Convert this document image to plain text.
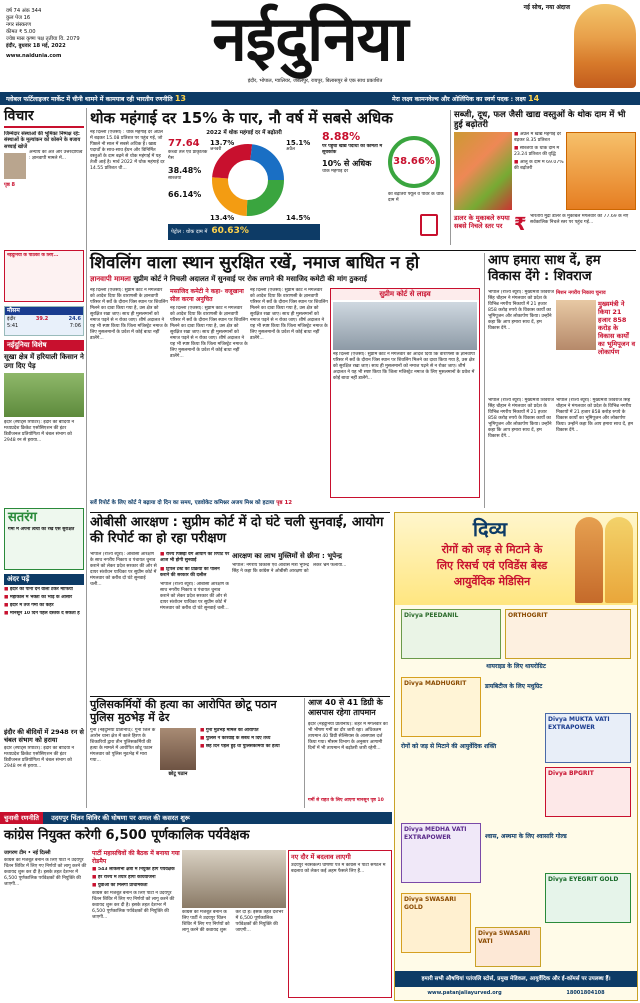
वर्ष 74 अंक 344
कुल पेज 16
नगर संस्करण
कीमत ₹ 5.00
ज्येष्ठ मास कृष्ण पक्ष तृतीया वि. 2079
इंदौर, बुधवार 18 मई, 2022
www.naidunia.com	नईदुनिया	नई सोच, नया अंदाज
इंदौर, भोपाल, ग्वालियर, जबलपुर, रायपुर, बिलासपुर से एक साथ प्रकाशित
ग्लोबल फर्टिलाइजर मार्केट में चीनी थामने में कामयाब रही भारतीय रणनीति 13	मेरा लक्ष्य कामनवेल्थ और ओलिंपिक का स्वर्ण पदक : लक्ष्य 14
विचार
जिम्मेदार संस्थाओं की भूमिका निष्पक्ष रहे: संस्थाओं के मूल्यांकन को कोसने के बजाय सच्चाई खोजें
अन्याय का अंत और उत्तरदायित्व : ज्ञानवापी मामले में...
पृष्ठ 8
नईदुनिया के पाठकों के लिए...
मौसम
इंदौर	39.2	24.6
5:41	7:06
नईदुनिया विशेष
सूखा क्षेत्र में हरियाली किसान ने उगा दिए पेड़
इंदौर (स्पोर्ट्स रिपोर्टर): इंदौर की बीदियों ने मध्यप्रदेश क्रिकेट एसोसिएशन की इंटर डिवीजनल प्रतियोगिता में चंबल संभाग को 2948 रन से हराया...
सतरंग
गर्मी में अपनी त्वचा को रखें ऐसे सुरक्षित
अंदर पढ़ें
■ इंदौर को पानी देने वाला टैंकर माफिया
■ महाकाल में भक्तों की भीड़ के आसार
■ इंदौर में तेज गर्मी का कहर
■ मानसून 10 दिन पहले दस्तक दे सकता है
इंदौर की बीदियों में 2948 रन से चंबल संभाग को हराया
इंदौर (स्पोर्ट्स रिपोर्टर): इंदौर की बीदियों ने मध्यप्रदेश क्रिकेट एसोसिएशन की इंटर डिवीजनल प्रतियोगिता में चंबल संभाग को 2948 रन से हराया...
थोक महंगाई दर 15% के पार, नौ वर्ष में सबसे अधिक
नई दिल्ली (एजेंसी) : थोक महंगाई दर अप्रैल में बढ़कर 15.08 प्रतिशत पर पहुंच गई, जो पिछले नौ साल में सबसे अधिक है। खाद्य पदार्थों के साथ-साथ ईंधन और विनिर्मित वस्तुओं के दाम बढ़ने से थोक महंगाई में यह तेजी आई है। मार्च 2022 में थोक महंगाई दर 14.55 प्रतिशत थी...
2022 में थोक महंगाई दर में बढ़ोतरी
77.64
कच्चा तेल एवं प्राकृतिक गैस
38.48%
सब्जियां
66.14%
13.7%
जनवरी
15.1%
अप्रैल
13.4%	14.5%
पेट्रोल : थोक दाम में 60.63%
8.88%
पर पहुंचा खाद्य पदार्थों की कीमतों में सूचकांक
10% से अधिक
थोक महंगाई दर
38.66%
की बढ़ोतरी फ्यूल व पावर के थोक दाम में
सब्जी, दूध, फल जैसी खाद्य वस्तुओं के थोक दाम में भी हुई बढ़ोतरी
■ अप्रैल में खाद्य महंगाई दर बढ़कर 8.35 प्रतिशत
■ सब्जियों के थोक दाम में 23.24 प्रतिशत की वृद्धि
■ आलू के दाम में 69.07% की बढ़ोतरी
डालर के मुकाबले रुपया सबसे निचले स्तर पर ₹ भारतीय मुद्रा डालर के मुकाबले मंगलवार को 77.69 के नए सर्वकालिक निचले स्तर पर पहुंच गई...
शिवलिंग वाला स्थान सुरक्षित रखें, नमाज बाधित न हो
ज्ञानवापी मामला सुप्रीम कोर्ट ने निचली अदालत में सुनवाई पर रोक लगाने की मसाजिद कमेटी की मांग ठुकराई
नई दिल्ली (एजेंसी): सुप्रीम कोर्ट ने मंगलवार को आदेश दिया कि वाराणसी के ज्ञानवापी परिसर में सर्वे के दौरान जिस स्थान पर शिवलिंग मिलने का दावा किया गया है, उस क्षेत्र को सुरक्षित रखा जाए। साथ ही मुसलमानों को नमाज पढ़ने से न रोका जाए। शीर्ष अदालत ने यह भी स्पष्ट किया कि जिला मजिस्ट्रेट नमाज के लिए मुसलमानों के प्रवेश में कोई बाधा नहीं डालेंगे...
मसाजिद कमेटी ने कहा- वजूखाना सील करना अनुचित
नई दिल्ली (एजेंसी): सुप्रीम कोर्ट ने मंगलवार को आदेश दिया कि वाराणसी के ज्ञानवापी परिसर में सर्वे के दौरान जिस स्थान पर शिवलिंग मिलने का दावा किया गया है, उस क्षेत्र को सुरक्षित रखा जाए। साथ ही मुसलमानों को नमाज पढ़ने से न रोका जाए। शीर्ष अदालत ने यह भी स्पष्ट किया कि जिला मजिस्ट्रेट नमाज के लिए मुसलमानों के प्रवेश में कोई बाधा नहीं डालेंगे...
नई दिल्ली (एजेंसी): सुप्रीम कोर्ट ने मंगलवार को आदेश दिया कि वाराणसी के ज्ञानवापी परिसर में सर्वे के दौरान जिस स्थान पर शिवलिंग मिलने का दावा किया गया है, उस क्षेत्र को सुरक्षित रखा जाए। साथ ही मुसलमानों को नमाज पढ़ने से न रोका जाए। शीर्ष अदालत ने यह भी स्पष्ट किया कि जिला मजिस्ट्रेट नमाज के लिए मुसलमानों के प्रवेश में कोई बाधा नहीं डालेंगे...
सुप्रीम कोर्ट से लाइव
नई दिल्ली (एजेंसी): सुप्रीम कोर्ट ने मंगलवार को आदेश दिया कि वाराणसी के ज्ञानवापी परिसर में सर्वे के दौरान जिस स्थान पर शिवलिंग मिलने का दावा किया गया है, उस क्षेत्र को सुरक्षित रखा जाए। साथ ही मुसलमानों को नमाज पढ़ने से न रोका जाए। शीर्ष अदालत ने यह भी स्पष्ट किया कि जिला मजिस्ट्रेट नमाज के लिए मुसलमानों के प्रवेश में कोई बाधा नहीं डालेंगे...
सर्वे रिपोर्ट के लिए कोर्ट ने बढ़ाया दो दिन का समय, एडवोकेट कमिश्नर अजय मिश्र को हटाया पृष्ठ 12
आप हमारा साथ दें, हम विकास देंगे : शिवराज
मिशन नगरीय निकाय चुनाव
भोपाल (राज्य ब्यूरो): मुख्यमंत्री शिवराज सिंह चौहान ने मंगलवार को प्रदेश के विभिन्न नगरीय निकायों में 21 हजार 858 करोड़ रुपये के विकास कार्यों का भूमिपूजन और लोकार्पण किया। उन्होंने कहा कि आप हमारा साथ दें, हम विकास देंगे...
मुख्यमंत्री ने किया 21 हजार 858 करोड़ के विकास कार्यों का भूमिपूजन व लोकार्पण
भोपाल (राज्य ब्यूरो): मुख्यमंत्री शिवराज सिंह चौहान ने मंगलवार को प्रदेश के विभिन्न नगरीय निकायों में 21 हजार 858 करोड़ रुपये के विकास कार्यों का भूमिपूजन और लोकार्पण किया। उन्होंने कहा कि आप हमारा साथ दें, हम विकास देंगे...
भोपाल (राज्य ब्यूरो): मुख्यमंत्री शिवराज सिंह चौहान ने मंगलवार को प्रदेश के विभिन्न नगरीय निकायों में 21 हजार 858 करोड़ रुपये के विकास कार्यों का भूमिपूजन और लोकार्पण किया। उन्होंने कहा कि आप हमारा साथ दें, हम विकास देंगे...
ओबीसी आरक्षण : सुप्रीम कोर्ट में दो घंटे चली सुनवाई, आयोग की रिपोर्ट का हो रहा परीक्षण
भोपाल (राज्य ब्यूरो): ओबीसी आरक्षण के साथ नगरीय निकाय व पंचायत चुनाव कराने को लेकर प्रदेश सरकार की ओर से दायर संशोधन याचिका पर सुप्रीम कोर्ट में मंगलवार को करीब दो घंटे सुनवाई चली...
■ राज्य पिछड़ा वर्ग आयोग की रिपोर्ट पर आज भी होगी सुनवाई
■ ट्रिपल टेस्ट की प्रक्रिया का पालन कराने की सरकार की दलील
भोपाल (राज्य ब्यूरो): ओबीसी आरक्षण के साथ नगरीय निकाय व पंचायत चुनाव कराने को लेकर प्रदेश सरकार की ओर से दायर संशोधन याचिका पर सुप्रीम कोर्ट में मंगलवार को करीब दो घंटे सुनवाई चली...
आरक्षण का लाभ मुस्लिमों से छीना : भूपेन्द्र
भोपाल: नगरीय विकास एवं आवास मंत्री भूपेन्द्र सिंह ने कहा कि कांग्रेस ने ओबीसी आरक्षण को लेकर भ्रम फैलाया...
पुलिसकर्मियों की हत्या का आरोपित छोटू पठान पुलिस मुठभेड़ में ढेर
गुना (नईदुनिया प्रतिनिधि): गुना जिले के आरोन थाना क्षेत्र में काले हिरण के शिकारियों द्वारा तीन पुलिसकर्मियों की हत्या के मामले में आरोपित छोटू पठान मंगलवार को पुलिस मुठभेड़ में मारा गया...
छोटू पठान
■ गुना मुठभेड़ मामले का आरोपित
■ पुलिस ने कार्रवाई के संबंध में दिए तथ्य
■ छह दिन पहले हुई थी पुलिसकर्मियों की हत्या
आज 40 से 41 डिग्री के आसपास रहेगा तापमान
इंदौर (नईदुनिया प्रतिनिधि): शहर में मंगलवार को भी भीषण गर्मी का दौर जारी रहा। अधिकतम तापमान 40 डिग्री सेल्सियस के आसपास दर्ज किया गया। मौसम विभाग के अनुसार आगामी दिनों में भी तापमान में बढ़ोतरी जारी रहेगी...
गर्मी से राहत के लिए आएगा मानसून पृष्ठ 10
चुनावी रणनीति उदयपुर चिंतन शिविर की घोषणा पर अमल की कसरत शुरू
कांग्रेस नियुक्त करेगी 6,500 पूर्णकालिक पर्यवेक्षक
जागरण टीम • नई दिल्ली
कांग्रेस को मजबूत बनाने के लिए पार्टी ने उदयपुर चिंतन शिविर में लिए गए निर्णयों को लागू करने की कवायद शुरू कर दी है। इसके तहत देशभर में 6,500 पूर्णकालिक पर्यवेक्षकों की नियुक्ति की जाएगी...
पार्टी महासचिवों की बैठक में बनाया गया रोडमैप
■ 543 लोकसभा क्षेत्रों में नियुक्त होंगे पर्यवेक्षक
■ हर राज्य में तैयार होगी कार्ययोजना
■ युवाओं को मिलेगी प्राथमिकता
कांग्रेस को मजबूत बनाने के लिए पार्टी ने उदयपुर चिंतन शिविर में लिए गए निर्णयों को लागू करने की कवायद शुरू कर दी है। इसके तहत देशभर में 6,500 पूर्णकालिक पर्यवेक्षकों की नियुक्ति की जाएगी...
कांग्रेस को मजबूत बनाने के लिए पार्टी ने उदयपुर चिंतन शिविर में लिए गए निर्णयों को लागू करने की कवायद शुरू कर दी है। इसके तहत देशभर में 6,500 पूर्णकालिक पर्यवेक्षकों की नियुक्ति की जाएगी...
नए दौर में बदलाव लाएगी
उदयपुर नवसंकल्प घोषणा पत्र में कांग्रेस ने पार्टी संगठन में बदलाव को लेकर कई अहम फैसले लिए हैं...
दिव्य
रोगों को जड़ से मिटाने के
लिए रिसर्च एवं एविडेंस बेस्ड
आयुर्वेदिक मेडिसिन
Divya PEEDANIL	ORTHOGRIT
थायराइड के लिए थायरोग्रिट
Divya MADHUGRIT	डायबिटीज के लिए मधुग्रिट
Divya MUKTA VATI EXTRAPOWER
Divya BPGRIT
रोगों को जड़ से मिटाने की आयुर्वेदिक शक्ति
Divya MEDHA VATI EXTRAPOWER	श्वास, अस्थमा के लिए श्वासारि गोल्ड
Divya EYEGRIT GOLD
Divya SWASARI GOLD
Divya SWASARI VATI
हमारी सभी औषधियां पतंजलि स्टोर्स, प्रमुख मेडिकल, आयुर्वेदिक और ई-कॉमर्स पर उपलब्ध हैं।
www.patanjaliayurved.org	18001804108
